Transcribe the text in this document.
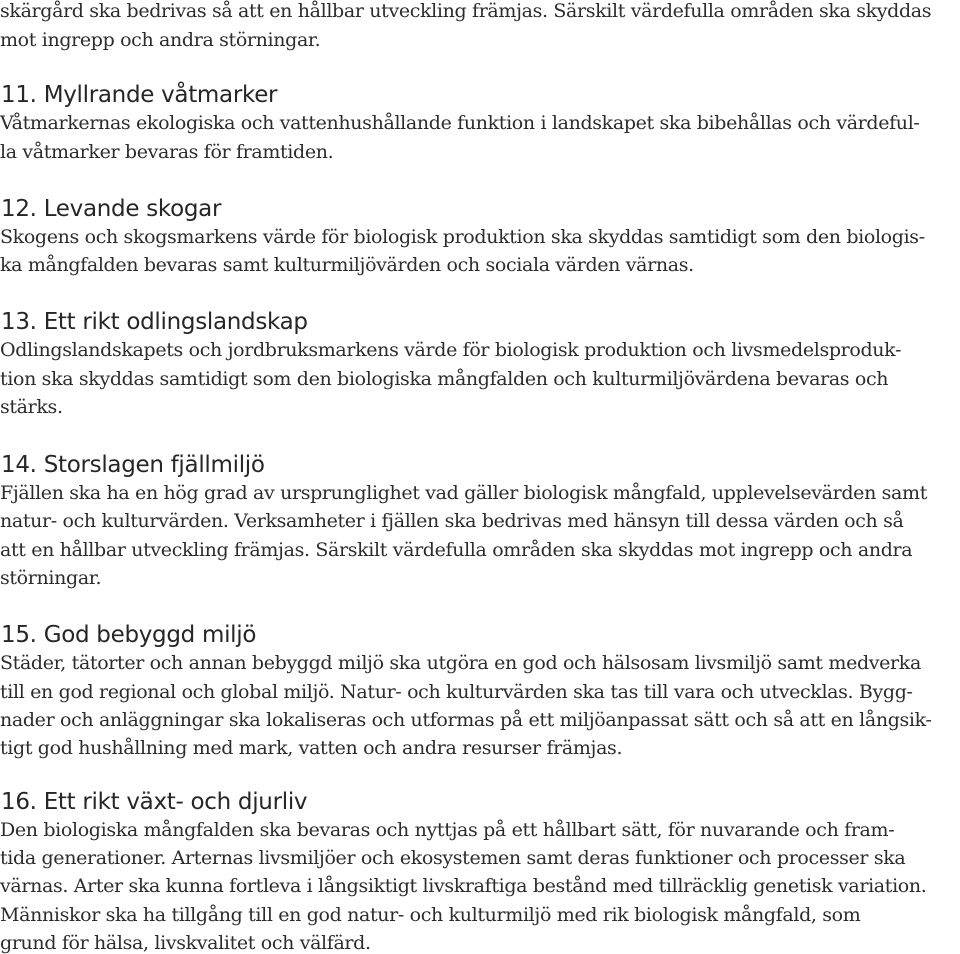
skärgård ska bedrivas så att en hållbar utveckling främjas. Särskilt värdefulla områden ska skyddas
mot ingrepp och andra störningar.
11. Myllrande våtmarker
Våtmarkernas ekologiska och vattenhushållande funktion i landskapet ska bibehållas och värdeful-
la våtmarker bevaras för framtiden.
12. Levande skogar
Skogens och skogsmarkens värde för biologisk produktion ska skyddas samtidigt som den biologis-
ka mångfalden bevaras samt kulturmiljövärden och sociala värden värnas.
13. Ett rikt odlingslandskap
Odlingslandskapets och jordbruksmarkens värde för biologisk produktion och livsmedelsproduk-
tion ska skyddas samtidigt som den biologiska mångfalden och kulturmiljövärdena bevaras och
stärks.
14. Storslagen fjällmiljö
Fjällen ska ha en hög grad av ursprunglighet vad gäller biologisk mångfald, upplevelsevärden samt
natur- och kulturvärden. Verksamheter i fjällen ska bedrivas med hänsyn till dessa värden och så
att en hållbar utveckling främjas. Särskilt värdefulla områden ska skyddas mot ingrepp och andra
störningar.
15. God bebyggd miljö
Städer, tätorter och annan bebyggd miljö ska utgöra en god och hälsosam livsmiljö samt medverka
till en god regional och global miljö. Natur- och kulturvärden ska tas till vara och utvecklas. Bygg-
nader och anläggningar ska lokaliseras och utformas på ett miljöanpassat sätt och så att en långsik-
tigt god hushållning med mark, vatten och andra resurser främjas.
16. Ett rikt växt- och djurliv
Den biologiska mångfalden ska bevaras och nyttjas på ett hållbart sätt, för nuvarande och fram-
tida generationer. Arternas livsmiljöer och ekosystemen samt deras funktioner och processer ska
värnas. Arter ska kunna fortleva i långsiktigt livskraftiga bestånd med tillräcklig genetisk variation.
Människor ska ha tillgång till en god natur- och kulturmiljö med rik biologisk mångfald, som
grund för hälsa, livskvalitet och välfärd.
